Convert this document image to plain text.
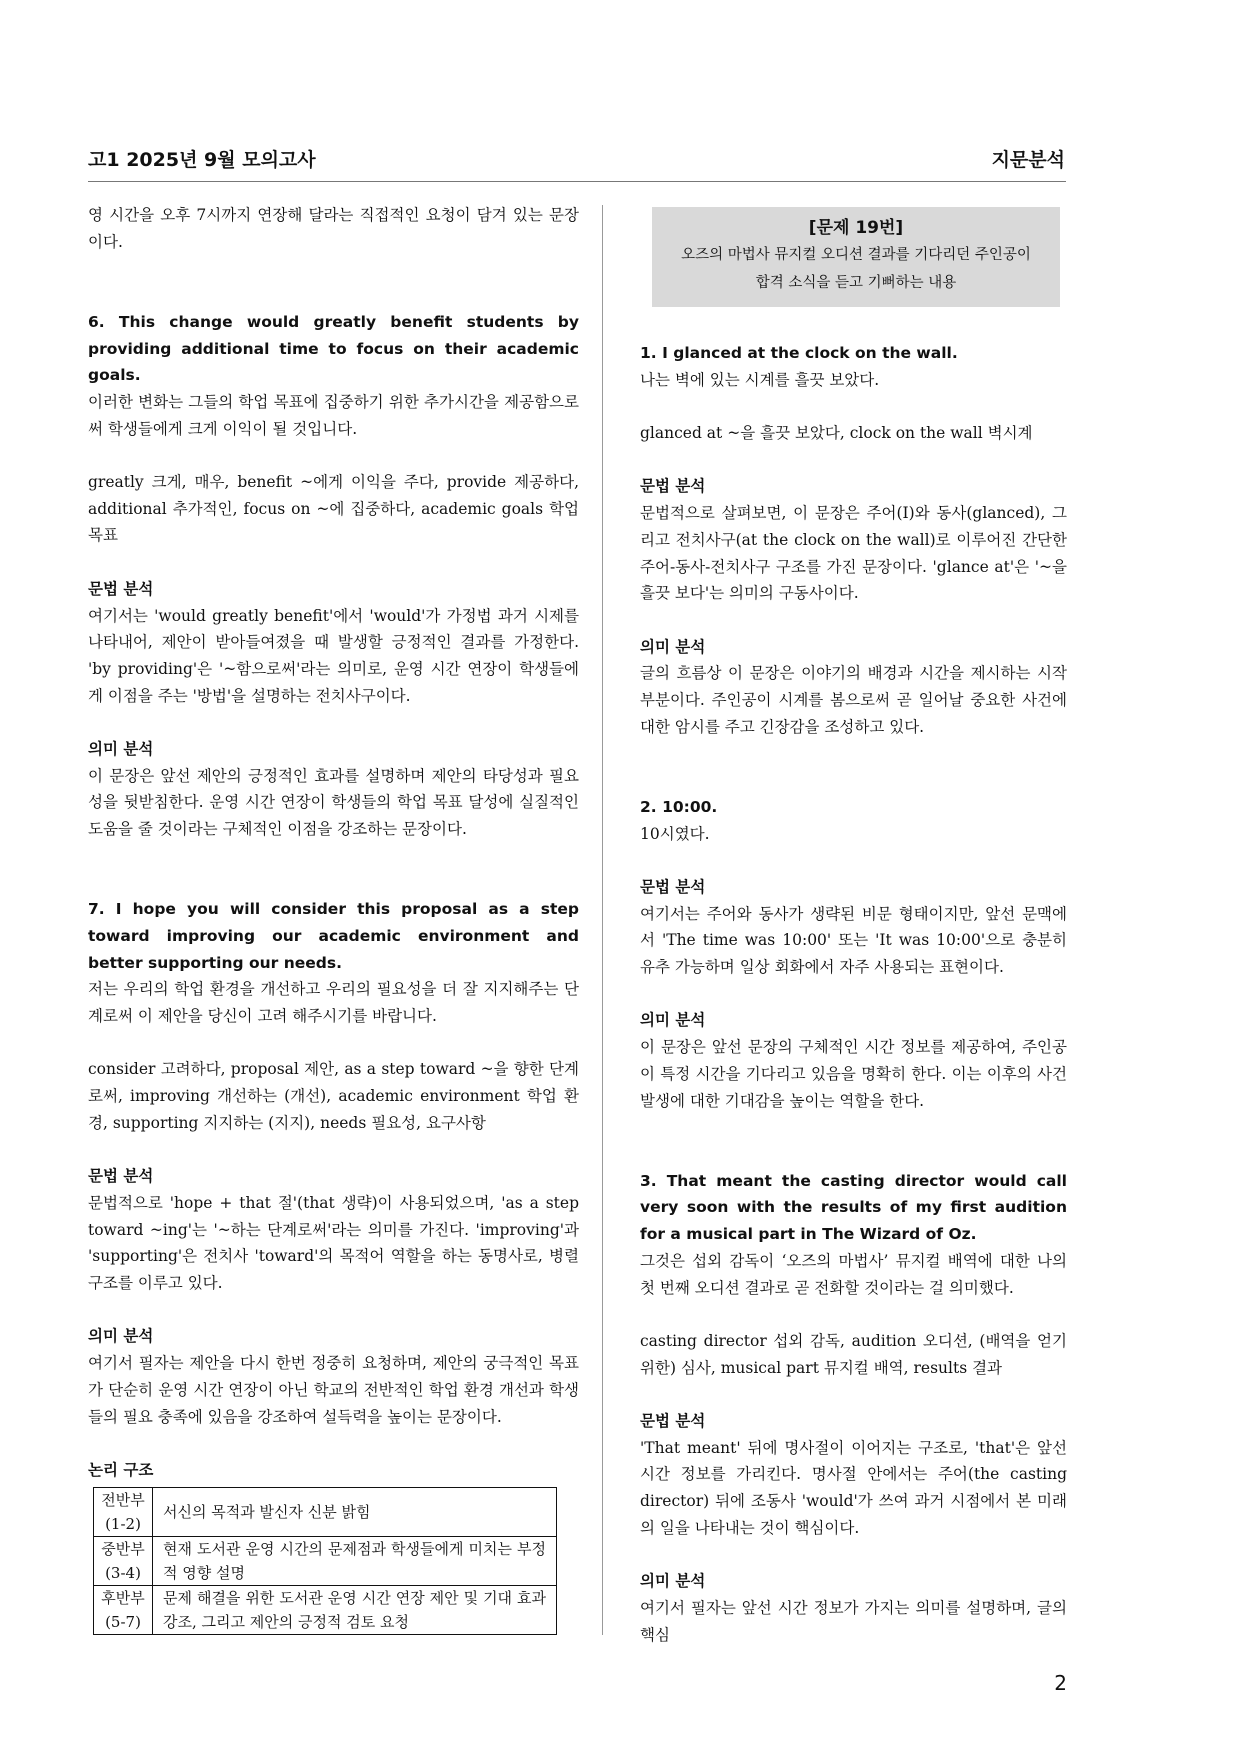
고1 2025년 9월 모의고사	지문분석

영 시간을 오후 7시까지 연장해 달라는 직접적인 요청이 담겨 있는 문장이다.

6. This change would greatly benefit students by providing additional time to focus on their academic goals.

이러한 변화는 그들의 학업 목표에 집중하기 위한 추가시간을 제공함으로써 학생들에게 크게 이익이 될 것입니다.

greatly 크게, 매우, benefit ~에게 이익을 주다, provide 제공하다, additional 추가적인, focus on ~에 집중하다, academic goals 학업 목표

문법 분석

여기서는 'would greatly benefit'에서 'would'가 가정법 과거 시제를 나타내어, 제안이 받아들여졌을 때 발생할 긍정적인 결과를 가정한다. 'by providing'은 '~함으로써'라는 의미로, 운영 시간 연장이 학생들에게 이점을 주는 '방법'을 설명하는 전치사구이다.

의미 분석

이 문장은 앞선 제안의 긍정적인 효과를 설명하며 제안의 타당성과 필요성을 뒷받침한다. 운영 시간 연장이 학생들의 학업 목표 달성에 실질적인 도움을 줄 것이라는 구체적인 이점을 강조하는 문장이다.

7. I hope you will consider this proposal as a step toward improving our academic environment and better supporting our needs.

저는 우리의 학업 환경을 개선하고 우리의 필요성을 더 잘 지지해주는 단계로써 이 제안을 당신이 고려 해주시기를 바랍니다.

consider 고려하다, proposal 제안, as a step toward ~을 향한 단계로써, improving 개선하는 (개선), academic environment 학업 환경, supporting 지지하는 (지지), needs 필요성, 요구사항

문법 분석

문법적으로 'hope + that 절'(that 생략)이 사용되었으며, 'as a step toward ~ing'는 '~하는 단계로써'라는 의미를 가진다. 'improving'과 'supporting'은 전치사 'toward'의 목적어 역할을 하는 동명사로, 병렬 구조를 이루고 있다.

의미 분석

여기서 필자는 제안을 다시 한번 정중히 요청하며, 제안의 궁극적인 목표가 단순히 운영 시간 연장이 아닌 학교의 전반적인 학업 환경 개선과 학생들의 필요 충족에 있음을 강조하여 설득력을 높이는 문장이다.

논리 구조

전반부
(1-2)	서신의 목적과 발신자 신분 밝힘
중반부
(3-4)	현재 도서관 운영 시간의 문제점과 학생들에게 미치는 부정적 영향 설명
후반부
(5-7)	문제 해결을 위한 도서관 운영 시간 연장 제안 및 기대 효과 강조, 그리고 제안의 긍정적 검토 요청
[문제 19번]
오즈의 마법사 뮤지컬 오디션 결과를 기다리던 주인공이
합격 소식을 듣고 기뻐하는 내용

1. I glanced at the clock on the wall.

나는 벽에 있는 시계를 흘끗 보았다.

glanced at ~을 흘끗 보았다, clock on the wall 벽시계

문법 분석

문법적으로 살펴보면, 이 문장은 주어(I)와 동사(glanced), 그리고 전치사구(at the clock on the wall)로 이루어진 간단한 주어-동사-전치사구 구조를 가진 문장이다. 'glance at'은 '~을 흘끗 보다'는 의미의 구동사이다.

의미 분석

글의 흐름상 이 문장은 이야기의 배경과 시간을 제시하는 시작 부분이다. 주인공이 시계를 봄으로써 곧 일어날 중요한 사건에 대한 암시를 주고 긴장감을 조성하고 있다.

2. 10:00.

10시였다.

문법 분석

여기서는 주어와 동사가 생략된 비문 형태이지만, 앞선 문맥에서 'The time was 10:00' 또는 'It was 10:00'으로 충분히 유추 가능하며 일상 회화에서 자주 사용되는 표현이다.

의미 분석

이 문장은 앞선 문장의 구체적인 시간 정보를 제공하여, 주인공이 특정 시간을 기다리고 있음을 명확히 한다. 이는 이후의 사건 발생에 대한 기대감을 높이는 역할을 한다.

3. That meant the casting director would call very soon with the results of my first audition for a musical part in The Wizard of Oz.

그것은 섭외 감독이 ‘오즈의 마법사’ 뮤지컬 배역에 대한 나의 첫 번째 오디션 결과로 곧 전화할 것이라는 걸 의미했다.

casting director 섭외 감독, audition 오디션, (배역을 얻기 위한) 심사, musical part 뮤지컬 배역, results 결과

문법 분석

'That meant' 뒤에 명사절이 이어지는 구조로, 'that'은 앞선 시간 정보를 가리킨다. 명사절 안에서는 주어(the casting director) 뒤에 조동사 'would'가 쓰여 과거 시점에서 본 미래의 일을 나타내는 것이 핵심이다.

의미 분석

여기서 필자는 앞선 시간 정보가 가지는 의미를 설명하며, 글의 핵심

2
